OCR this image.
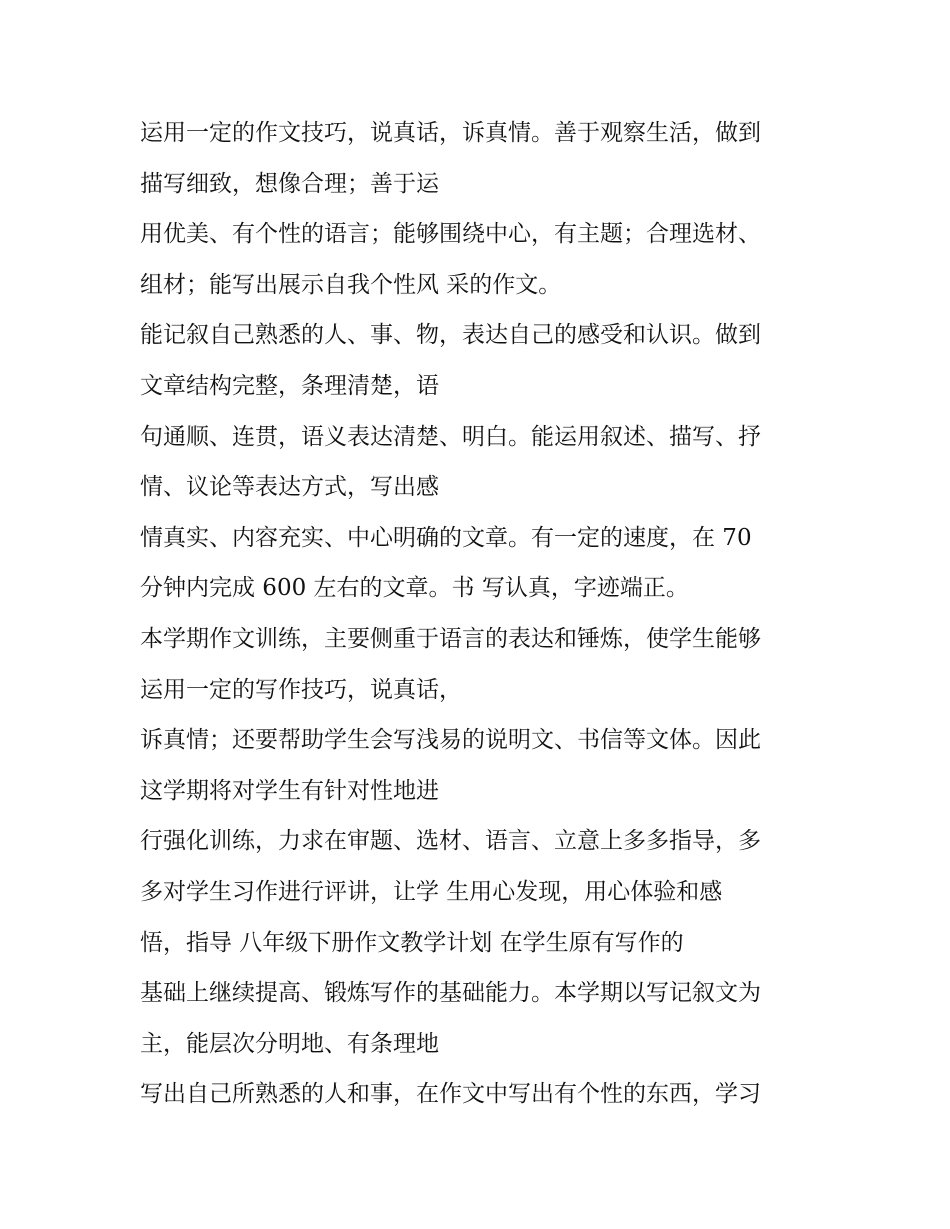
运用一定的作文技巧，说真话，诉真情。善于观察生活，做到
描写细致，想像合理；善于运
用优美、有个性的语言；能够围绕中心，有主题；合理选材、
组材；能写出展示自我个性风 采的作文。
能记叙自己熟悉的人、事、物，表达自己的感受和认识。做到
文章结构完整，条理清楚，语
句通顺、连贯，语义表达清楚、明白。能运用叙述、描写、抒
情、议论等表达方式，写出感
情真实、内容充实、中心明确的文章。有一定的速度，在 70
分钟内完成 600 左右的文章。书 写认真，字迹端正。
本学期作文训练，主要侧重于语言的表达和锤炼，使学生能够
运用一定的写作技巧，说真话，
诉真情；还要帮助学生会写浅易的说明文、书信等文体。因此
这学期将对学生有针对性地进
行强化训练，力求在审题、选材、语言、立意上多多指导，多
多对学生习作进行评讲，让学 生用心发现，用心体验和感
悟，指导 八年级下册作文教学计划 在学生原有写作的
基础上继续提高、锻炼写作的基础能力。本学期以写记叙文为
主，能层次分明地、有条理地
写出自己所熟悉的人和事，在作文中写出有个性的东西，学习
